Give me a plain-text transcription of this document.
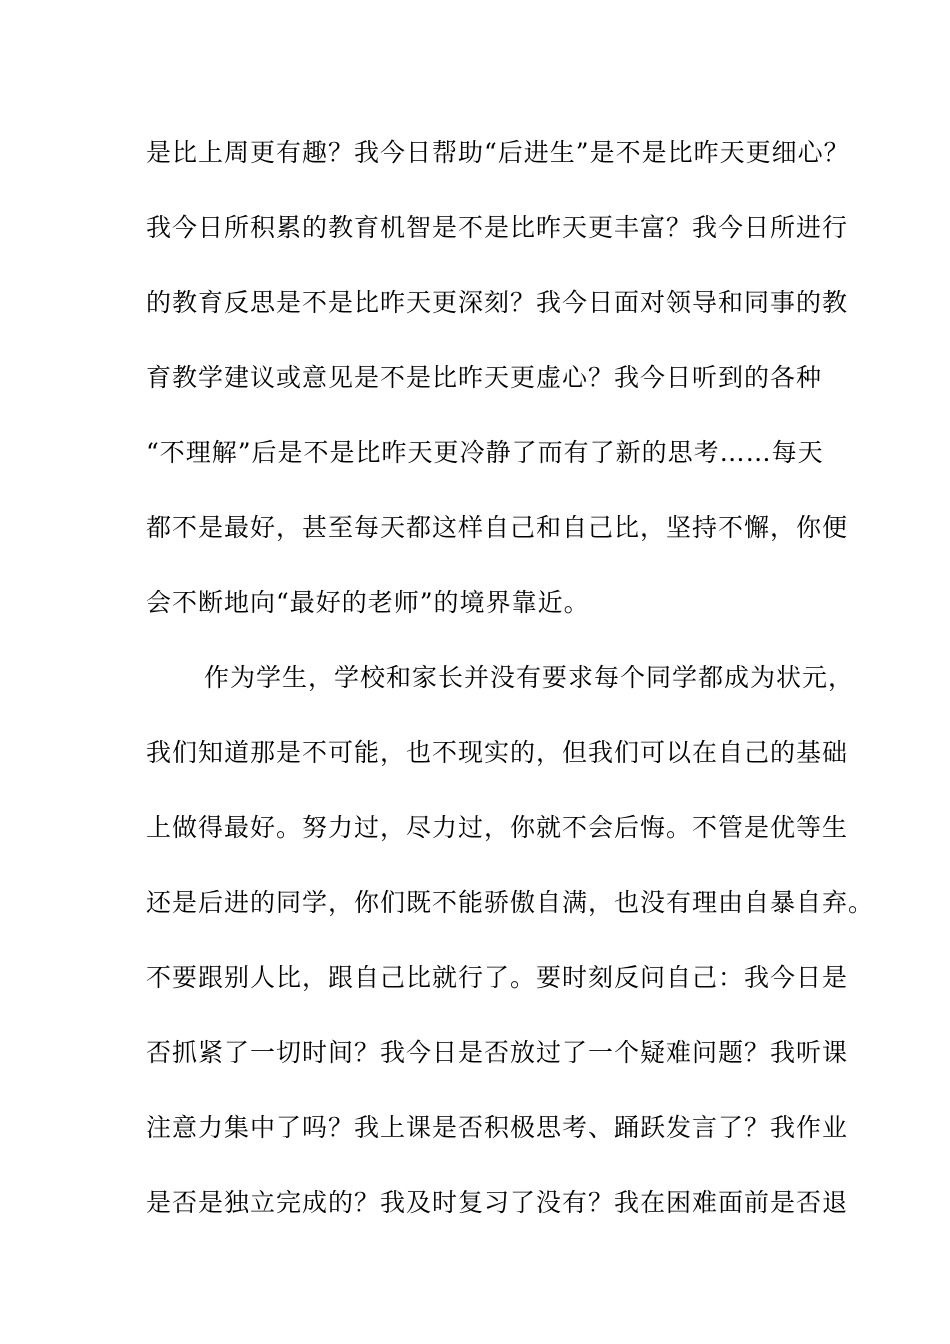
是比上周更有趣？我今日帮助“后进生”是不是比昨天更细心？
我今日所积累的教育机智是不是比昨天更丰富？我今日所进行
的教育反思是不是比昨天更深刻？我今日面对领导和同事的教
育教学建议或意见是不是比昨天更虚心？我今日听到的各种
“不理解”后是不是比昨天更冷静了而有了新的思考……每天
都不是最好，甚至每天都这样自己和自己比，坚持不懈，你便
会不断地向“最好的老师”的境界靠近。
作为学生，学校和家长并没有要求每个同学都成为状元，
我们知道那是不可能，也不现实的，但我们可以在自己的基础
上做得最好。努力过，尽力过，你就不会后悔。不管是优等生
还是后进的同学，你们既不能骄傲自满，也没有理由自暴自弃。
不要跟别人比，跟自己比就行了。要时刻反问自己：我今日是
否抓紧了一切时间？我今日是否放过了一个疑难问题？我听课
注意力集中了吗？我上课是否积极思考、踊跃发言了？我作业
是否是独立完成的？我及时复习了没有？我在困难面前是否退
